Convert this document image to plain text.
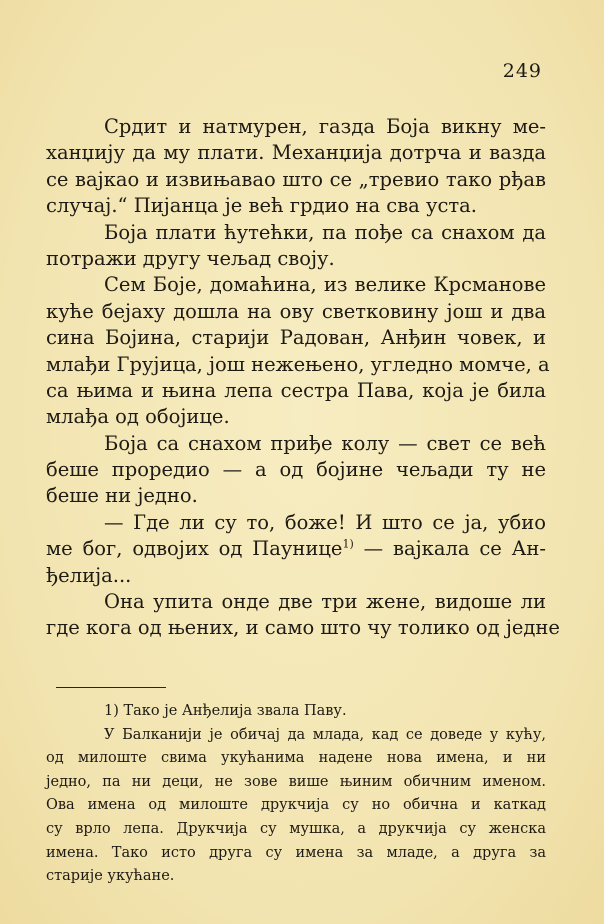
249
Срдит и натмурен, газда Боја викну ме-
ханџију да му плати. Механџија дотрча и вазда
се вајкао и извињавао што се „тревио тако рђав
случај.“ Пијанца је већ грдио на сва уста.
Боја плати ћутећки, па пође са снахом да
потражи другу чељад своју.
Сем Боје, домаћина, из велике Крсманове
куће бејаху дошла на ову светковину још и два
сина Бојина, старији Радован, Анђин човек, и
млађи Грујица, још нежењено, угледно момче, а
са њима и њина лепа сестра Пава, која је била
млађа од обојице.
Боја са снахом приђе колу — свет се већ
беше проредио — а од бојине чељади ту не
беше ни једно.
— Где ли су то, боже! И што се ја, убио
ме бог, одвојих од Паунице$^{1)}$ — вајкала се Ан-
ђелија...
Она упита онде две три жене, видоше ли
где кога од њених, и само што чу толико од једне
1) Тако је Анђелија звала Паву.
У Балканији је обичај да млада, кад се доведе у кућу,
од милоште свима укућанима надене нова имена, и ни
једно, па ни деци, не зове више њиним обичним именом.
Ова имена од милоште друкчија су но обична и каткад
су врло лепа. Друкчија су мушка, а друкчија су женска
имена. Тако исто друга су имена за младе, а друга за
старије укућане.
